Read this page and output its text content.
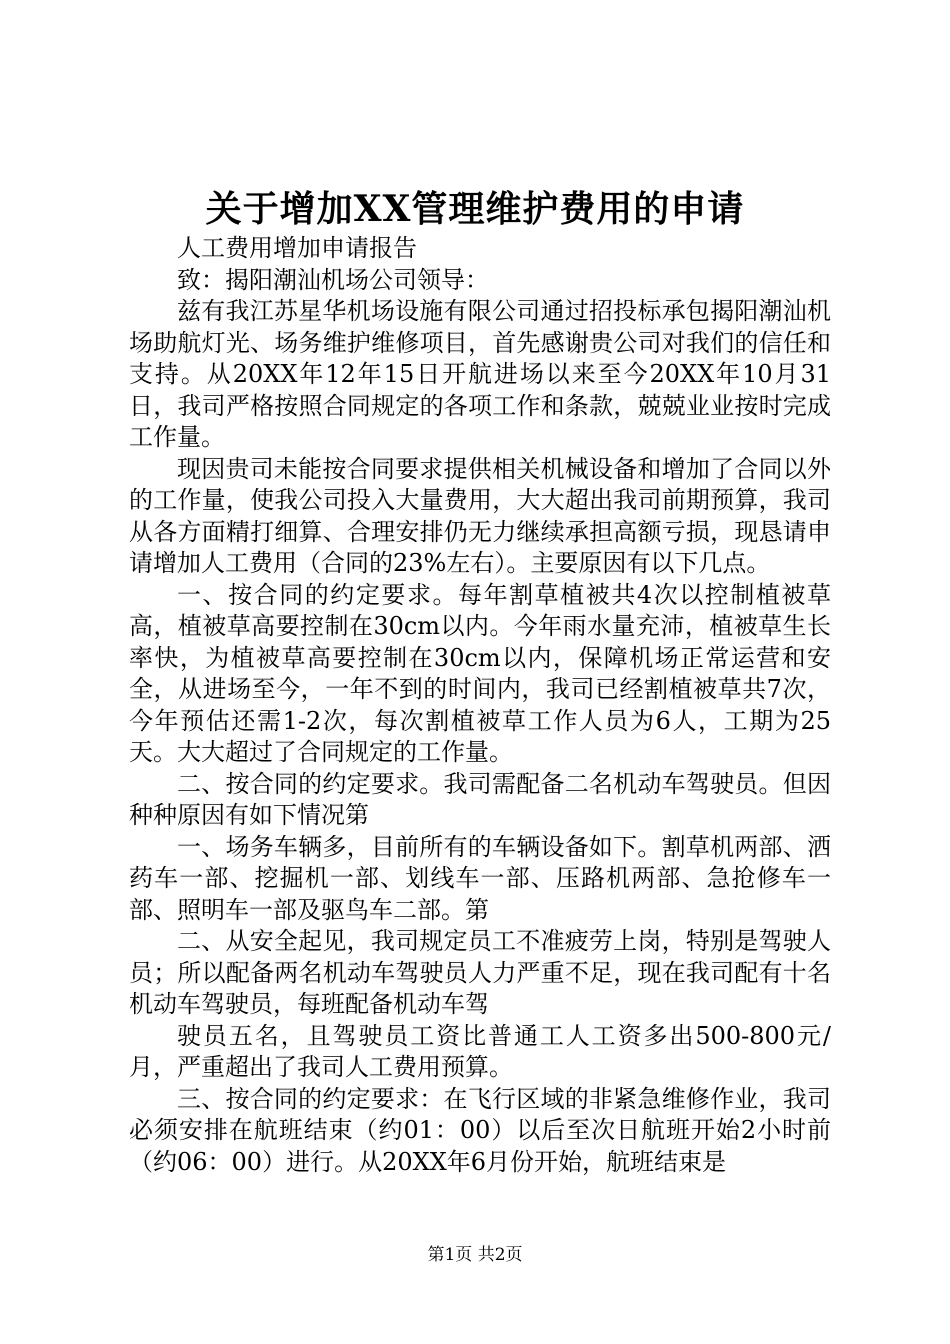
关于增加XX管理维护费用的申请

人工费用增加申请报告

致：揭阳潮汕机场公司领导：

兹有我江苏星华机场设施有限公司通过招投标承包揭阳潮汕机场助航灯光、场务维护维修项目，首先感谢贵公司对我们的信任和支持。从20XX年12年15日开航进场以来至今20XX年10月31日，我司严格按照合同规定的各项工作和条款，兢兢业业按时完成工作量。

现因贵司未能按合同要求提供相关机械设备和增加了合同以外的工作量，使我公司投入大量费用，大大超出我司前期预算，我司从各方面精打细算、合理安排仍无力继续承担高额亏损，现恳请申请增加人工费用（合同的23%左右）。主要原因有以下几点。

一、按合同的约定要求。每年割草植被共4次以控制植被草高，植被草高要控制在30cm以内。今年雨水量充沛，植被草生长率快，为植被草高要控制在30cm以内，保障机场正常运营和安全，从进场至今，一年不到的时间内，我司已经割植被草共7次，今年预估还需1-2次，每次割植被草工作人员为6人，工期为25天。大大超过了合同规定的工作量。

二、按合同的约定要求。我司需配备二名机动车驾驶员。但因种种原因有如下情况第

一、场务车辆多，目前所有的车辆设备如下。割草机两部、洒药车一部、挖掘机一部、划线车一部、压路机两部、急抢修车一部、照明车一部及驱鸟车二部。第

二、从安全起见，我司规定员工不准疲劳上岗，特别是驾驶人员；所以配备两名机动车驾驶员人力严重不足，现在我司配有十名机动车驾驶员，每班配备机动车驾

驶员五名，且驾驶员工资比普通工人工资多出500-800元/月，严重超出了我司人工费用预算。

三、按合同的约定要求：在飞行区域的非紧急维修作业，我司必须安排在航班结束（约01：00）以后至次日航班开始2小时前（约06：00）进行。从20XX年6月份开始，航班结束是

第1页 共2页
